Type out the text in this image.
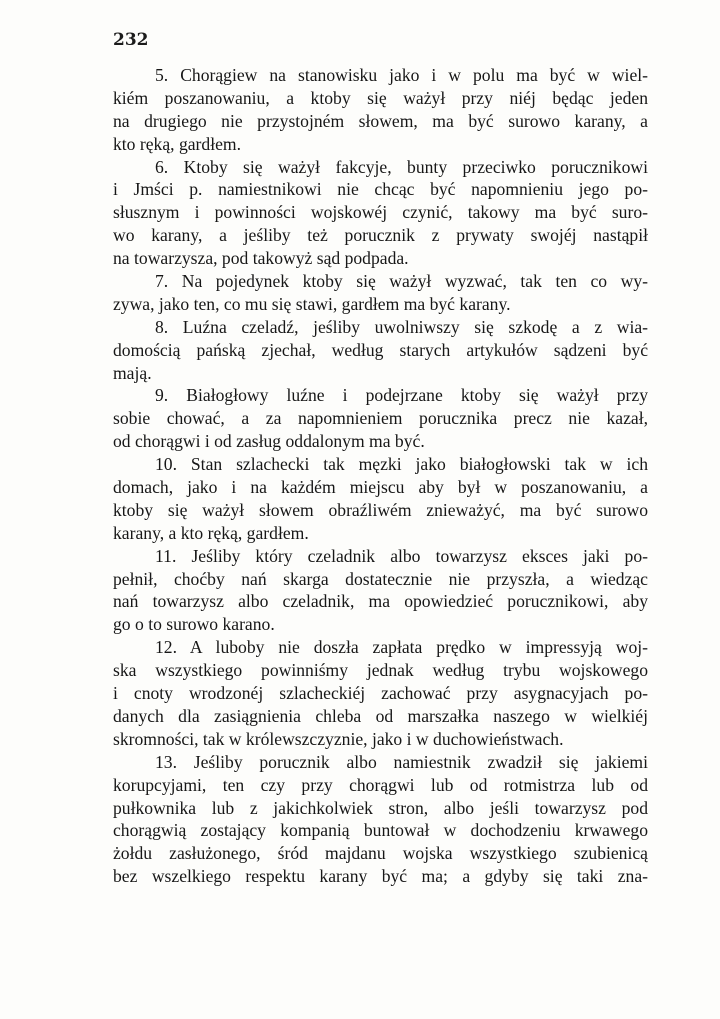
232
5. Chorągiew na stanowisku jako i w polu ma być w wiel-
kiém poszanowaniu, a ktoby się ważył przy niéj będąc jeden
na drugiego nie przystojném słowem, ma być surowo karany, a
kto ręką, gardłem.
6. Ktoby się ważył fakcyje, bunty przeciwko porucznikowi
i Jmści p. namiestnikowi nie chcąc być napomnieniu jego po-
słusznym i powinności wojskowéj czynić, takowy ma być suro-
wo karany, a jeśliby też porucznik z prywaty swojéj nastąpił
na towarzysza, pod takowyż sąd podpada.
7. Na pojedynek ktoby się ważył wyzwać, tak ten co wy-
zywa, jako ten, co mu się stawi, gardłem ma być karany.
8. Luźna czeladź, jeśliby uwolniwszy się szkodę a z wia-
domością pańską zjechał, według starych artykułów sądzeni być
mają.
9. Białogłowy luźne i podejrzane ktoby się ważył przy
sobie chować, a za napomnieniem porucznika precz nie kazał,
od chorągwi i od zasług oddalonym ma być.
10. Stan szlachecki tak męzki jako białogłowski tak w ich
domach, jako i na każdém miejscu aby był w poszanowaniu, a
ktoby się ważył słowem obraźliwém znieważyć, ma być surowo
karany, a kto ręką, gardłem.
11. Jeśliby który czeladnik albo towarzysz eksces jaki po-
pełnił, choćby nań skarga dostatecznie nie przyszła, a wiedząc
nań towarzysz albo czeladnik, ma opowiedzieć porucznikowi, aby
go o to surowo karano.
12. A luboby nie doszła zapłata prędko w impressyją woj-
ska wszystkiego powinniśmy jednak według trybu wojskowego
i cnoty wrodzonéj szlacheckiéj zachować przy asygnacyjach po-
danych dla zasiągnienia chleba od marszałka naszego w wielkiéj
skromności, tak w królewszczyznie, jako i w duchowieństwach.
13. Jeśliby porucznik albo namiestnik zwadził się jakiemi
korupcyjami, ten czy przy chorągwi lub od rotmistrza lub od
pułkownika lub z jakichkolwiek stron, albo jeśli towarzysz pod
chorągwią zostający kompanią buntował w dochodzeniu krwawego
żołdu zasłużonego, śród majdanu wojska wszystkiego szubienicą
bez wszelkiego respektu karany być ma; a gdyby się taki zna-
